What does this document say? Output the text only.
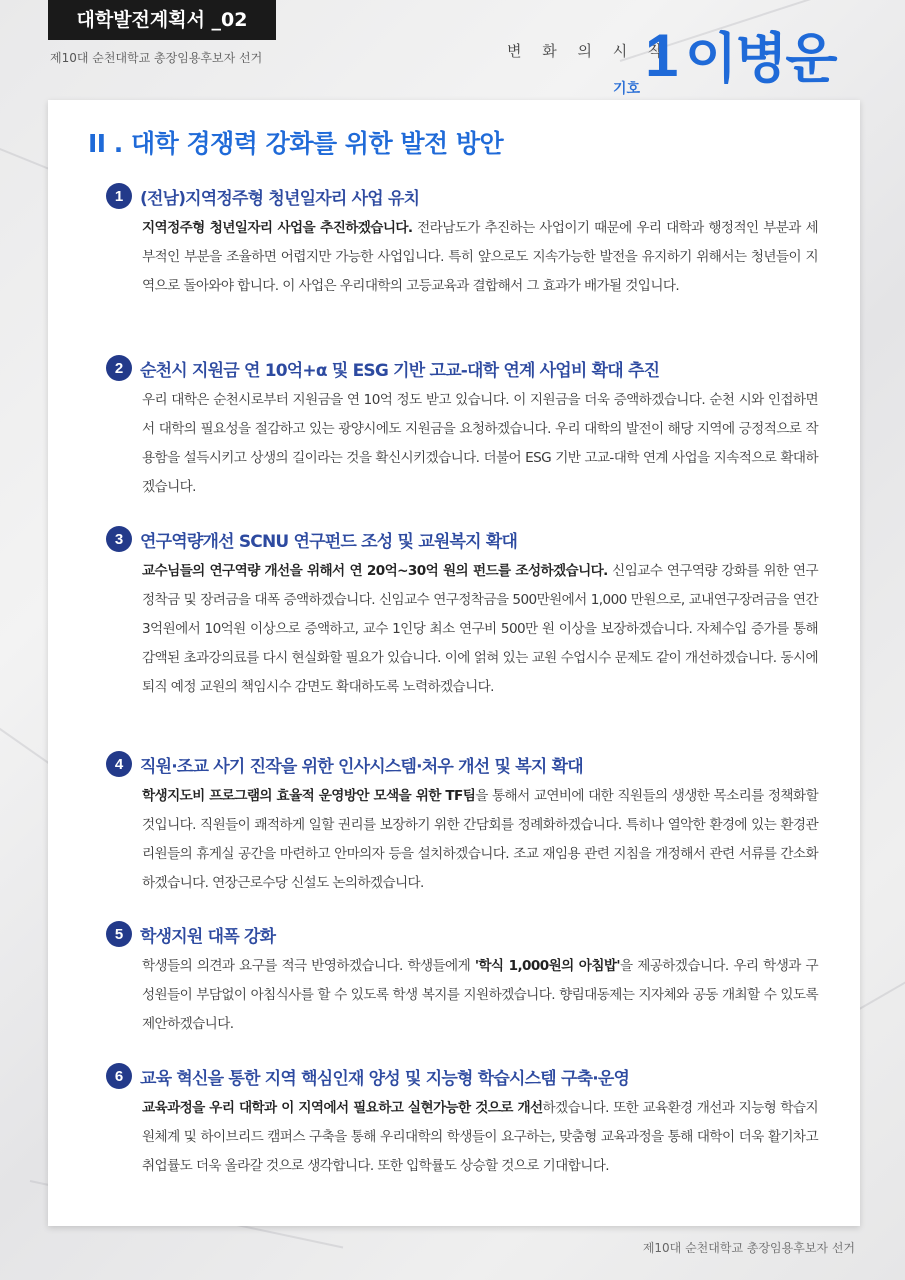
대학발전계획서 _02
제10대 순천대학교 총장임용후보자 선거	변 화 의 시 작
기호 1 이병운
II . 대학 경쟁력 강화를 위한 발전 방안
1 (전남)지역정주형 청년일자리 사업 유치
지역정주형 청년일자리 사업을 추진하겠습니다. 전라남도가 추진하는 사업이기 때문에 우리 대학과 행정적인 부분과 세부적인 부분을 조율하면 어렵지만 가능한 사업입니다. 특히 앞으로도 지속가능한 발전을 유지하기 위해서는 청년들이 지역으로 돌아와야 합니다. 이 사업은 우리대학의 고등교육과 결합해서 그 효과가 배가될 것입니다.
2 순천시 지원금 연 10억+α 및 ESG 기반 고교-대학 연계 사업비 확대 추진
우리 대학은 순천시로부터 지원금을 연 10억 정도 받고 있습니다. 이 지원금을 더욱 증액하겠습니다. 순천 시와 인접하면서 대학의 필요성을 절감하고 있는 광양시에도 지원금을 요청하겠습니다. 우리 대학의 발전이 해당 지역에 긍정적으로 작용함을 설득시키고 상생의 길이라는 것을 확신시키겠습니다. 더불어 ESG 기반 고교-대학 연계 사업을 지속적으로 확대하겠습니다.
3 연구역량개선 SCNU 연구펀드 조성 및 교원복지 확대
교수님들의 연구역량 개선을 위해서 연 20억~30억 원의 펀드를 조성하겠습니다. 신임교수 연구역량 강화를 위한 연구 정착금 및 장려금을 대폭 증액하겠습니다. 신임교수 연구정착금을 500만원에서 1,000 만원으로, 교내연구장려금을 연간 3억원에서 10억원 이상으로 증액하고, 교수 1인당 최소 연구비 500만 원 이상을 보장하겠습니다. 자체수입 증가를 통해 감액된 초과강의료를 다시 현실화할 필요가 있습니다. 이에 얽혀 있는 교원 수업시수 문제도 같이 개선하겠습니다. 동시에 퇴직 예정 교원의 책임시수 감면도 확대하도록 노력하겠습니다.
4 직원·조교 사기 진작을 위한 인사시스템·처우 개선 및 복지 확대
학생지도비 프로그램의 효율적 운영방안 모색을 위한 TF팀을 통해서 교연비에 대한 직원들의 생생한 목소리를 정책화할 것입니다. 직원들이 쾌적하게 일할 권리를 보장하기 위한 간담회를 정례화하겠습니다. 특히나 열악한 환경에 있는 환경관리원들의 휴게실 공간을 마련하고 안마의자 등을 설치하겠습니다. 조교 재임용 관련 지침을 개정해서 관련 서류를 간소화하겠습니다. 연장근로수당 신설도 논의하겠습니다.
5 학생지원 대폭 강화
학생들의 의견과 요구를 적극 반영하겠습니다. 학생들에게 '학식 1,000원의 아침밥'을 제공하겠습니다. 우리 학생과 구성원들이 부담없이 아침식사를 할 수 있도록 학생 복지를 지원하겠습니다. 향림대동제는 지자체와 공동 개최할 수 있도록 제안하겠습니다.
6 교육 혁신을 통한 지역 핵심인재 양성 및 지능형 학습시스템 구축·운영
교육과정을 우리 대학과 이 지역에서 필요하고 실현가능한 것으로 개선하겠습니다. 또한 교육환경 개선과 지능형 학습지원체계 및 하이브리드 캠퍼스 구축을 통해 우리대학의 학생들이 요구하는, 맞춤형 교육과정을 통해 대학이 더욱 활기차고 취업률도 더욱 올라갈 것으로 생각합니다. 또한 입학률도 상승할 것으로 기대합니다.
제10대 순천대학교 총장임용후보자 선거
